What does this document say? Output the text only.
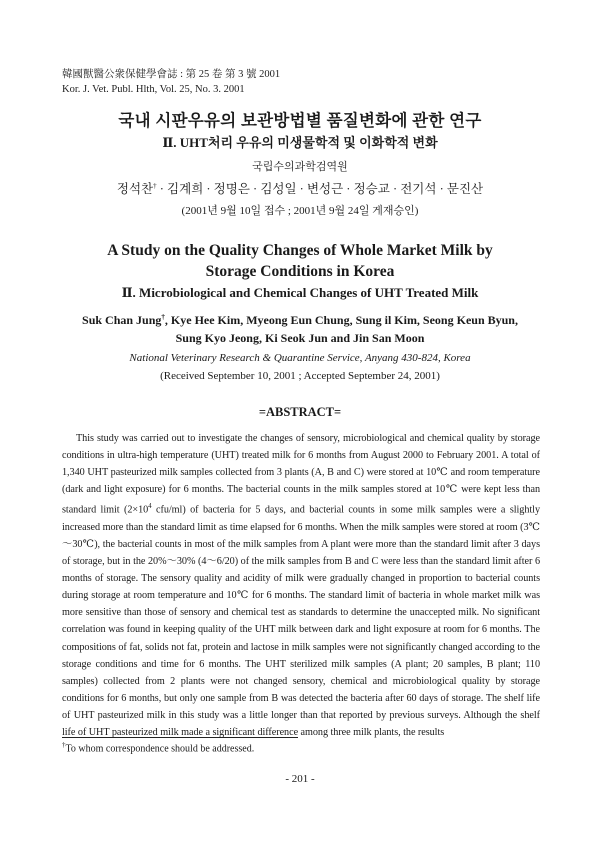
韓國獸醫公衆保健學會誌 : 第 25 卷 第 3 號 2001
Kor. J. Vet. Publ. Hlth, Vol. 25, No. 3. 2001
국내 시판우유의 보관방법별 품질변화에 관한 연구
Ⅱ. UHT처리 우유의 미생물학적 및 이화학적 변화
국립수의과학검역원
정석찬† · 김계희 · 정명은 · 김성일 · 변성근 · 정승교 · 전기석 · 문진산
(2001년 9월 10일 접수 ; 2001년 9월 24일 게재승인)
A Study on the Quality Changes of Whole Market Milk by
Storage Conditions in Korea
Ⅱ. Microbiological and Chemical Changes of UHT Treated Milk
Suk Chan Jung†, Kye Hee Kim, Myeong Eun Chung, Sung il Kim, Seong Keun Byun,
Sung Kyo Jeong, Ki Seok Jun and Jin San Moon
National Veterinary Research & Quarantine Service, Anyang 430-824, Korea
(Received September 10, 2001 ; Accepted September 24, 2001)
=ABSTRACT=

This study was carried out to investigate the changes of sensory, microbiological and chemical quality by storage conditions in ultra-high temperature (UHT) treated milk for 6 months from August 2000 to February 2001. A total of 1,340 UHT pasteurized milk samples collected from 3 plants (A, B and C) were stored at 10℃ and room temperature (dark and light exposure) for 6 months. The bacterial counts in the milk samples stored at 10℃ were kept less than standard limit ($2\times 10^4$ cfu/ml) of bacteria for 5 days, and bacterial counts in some milk samples were a slightly increased more than the standard limit as time elapsed for 6 months. When the milk samples were stored at room (3℃～30℃), the bacterial counts in most of the milk samples from A plant were more than the standard limit after 3 days of storage, but in the 20%～30% (4～6/20) of the milk samples from B and C were less than the standard limit after 6 months of storage. The sensory quality and acidity of milk were gradually changed in proportion to bacterial counts during storage at room temperature and 10℃ for 6 months. The standard limit of bacteria in whole market milk was more sensitive than those of sensory and chemical test as standards to determine the unaccepted milk. No significant correlation was found in keeping quality of the UHT milk between dark and light exposure at room for 6 months. The compositions of fat, solids not fat, protein and lactose in milk samples were not significantly changed according to the storage conditions and time for 6 months. The UHT sterilized milk samples (A plant; 20 samples, B plant; 110 samples) collected from 2 plants were not changed sensory, chemical and microbiological quality by storage conditions for 6 months, but only one sample from B was detected the bacteria after 60 days of storage. The shelf life of UHT pasteurized milk in this study was a little longer than that reported by previous surveys. Although the shelf life of UHT pasteurized milk made a significant difference among three milk plants, the results

†To whom correspondence should be addressed.
- 201 -
